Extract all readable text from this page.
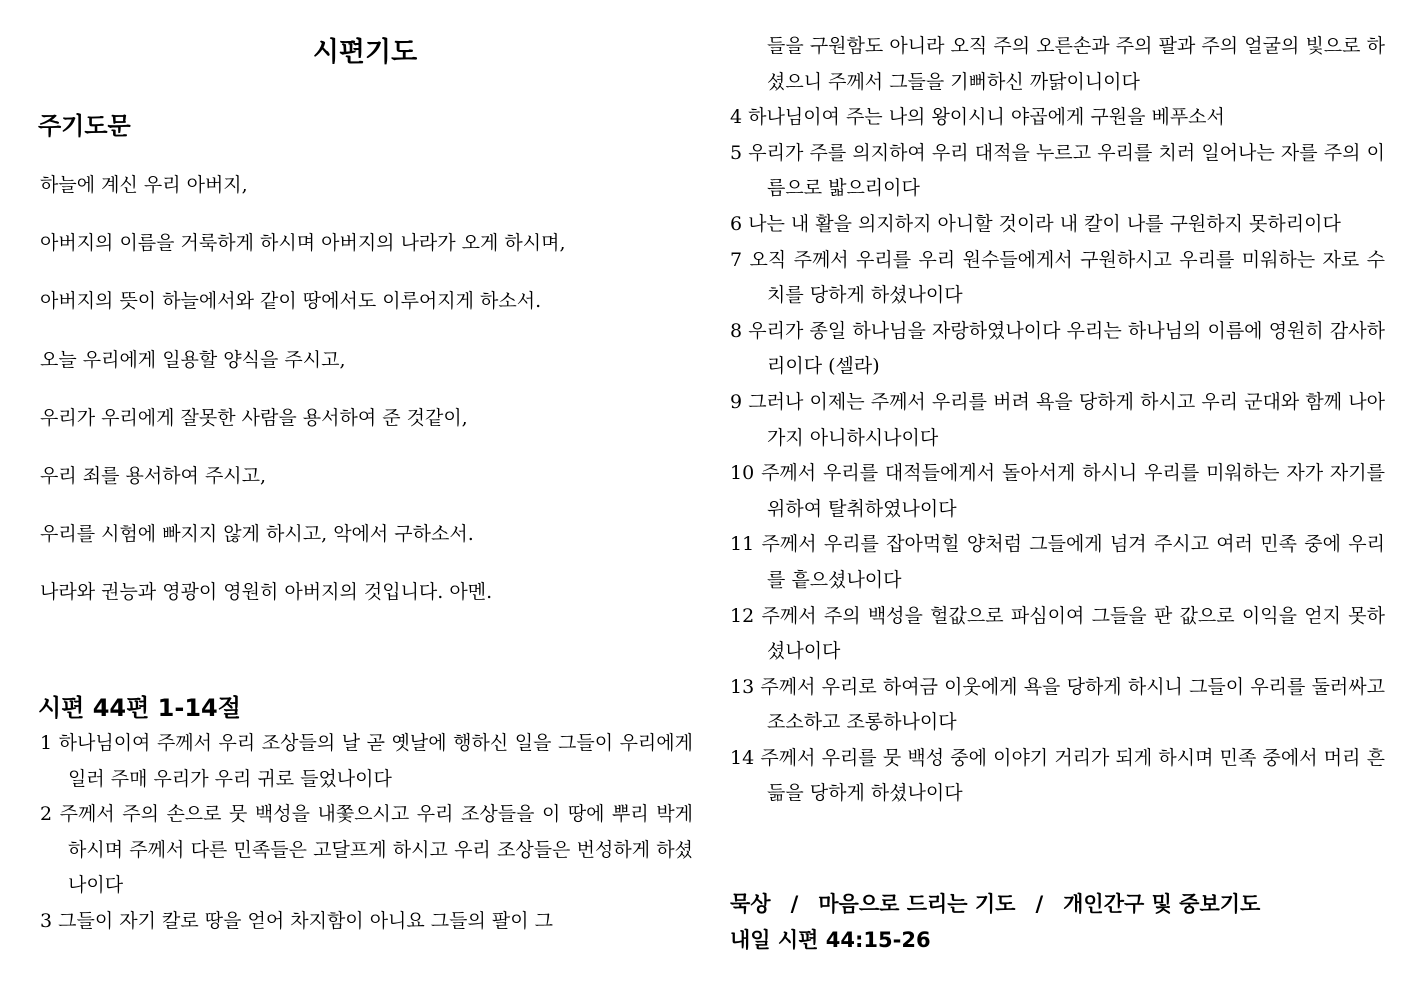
시편기도
주기도문
하늘에 계신 우리 아버지,
아버지의 이름을 거룩하게 하시며 아버지의 나라가 오게 하시며,
아버지의 뜻이 하늘에서와 같이 땅에서도 이루어지게 하소서.
오늘 우리에게 일용할 양식을 주시고,
우리가 우리에게 잘못한 사람을 용서하여 준 것같이,
우리 죄를 용서하여 주시고,
우리를 시험에 빠지지 않게 하시고, 악에서 구하소서.
나라와 권능과 영광이 영원히 아버지의 것입니다. 아멘.
시편 44편 1-14절
1 하나님이여 주께서 우리 조상들의 날 곧 옛날에 행하신 일을 그들이 우리에게 일러 주매 우리가 우리 귀로 들었나이다
2 주께서 주의 손으로 뭇 백성을 내쫓으시고 우리 조상들을 이 땅에 뿌리 박게 하시며 주께서 다른 민족들은 고달프게 하시고 우리 조상들은 번성하게 하셨나이다
3 그들이 자기 칼로 땅을 얻어 차지함이 아니요 그들의 팔이 그
들을 구원함도 아니라 오직 주의 오른손과 주의 팔과 주의 얼굴의 빛으로 하셨으니 주께서 그들을 기뻐하신 까닭이니이다
4 하나님이여 주는 나의 왕이시니 야곱에게 구원을 베푸소서
5 우리가 주를 의지하여 우리 대적을 누르고 우리를 치러 일어나는 자를 주의 이름으로 밟으리이다
6 나는 내 활을 의지하지 아니할 것이라 내 칼이 나를 구원하지 못하리이다
7 오직 주께서 우리를 우리 원수들에게서 구원하시고 우리를 미워하는 자로 수치를 당하게 하셨나이다
8 우리가 종일 하나님을 자랑하였나이다 우리는 하나님의 이름에 영원히 감사하리이다 (셀라)
9 그러나 이제는 주께서 우리를 버려 욕을 당하게 하시고 우리 군대와 함께 나아가지 아니하시나이다
10 주께서 우리를 대적들에게서 돌아서게 하시니 우리를 미워하는 자가 자기를 위하여 탈취하였나이다
11 주께서 우리를 잡아먹힐 양처럼 그들에게 넘겨 주시고 여러 민족 중에 우리를 흩으셨나이다
12 주께서 주의 백성을 헐값으로 파심이여 그들을 판 값으로 이익을 얻지 못하셨나이다
13 주께서 우리로 하여금 이웃에게 욕을 당하게 하시니 그들이 우리를 둘러싸고 조소하고 조롱하나이다
14 주께서 우리를 뭇 백성 중에 이야기 거리가 되게 하시며 민족 중에서 머리 흔듦을 당하게 하셨나이다
묵상 / 마음으로 드리는 기도 / 개인간구 및 중보기도
내일 시편 44:15-26
